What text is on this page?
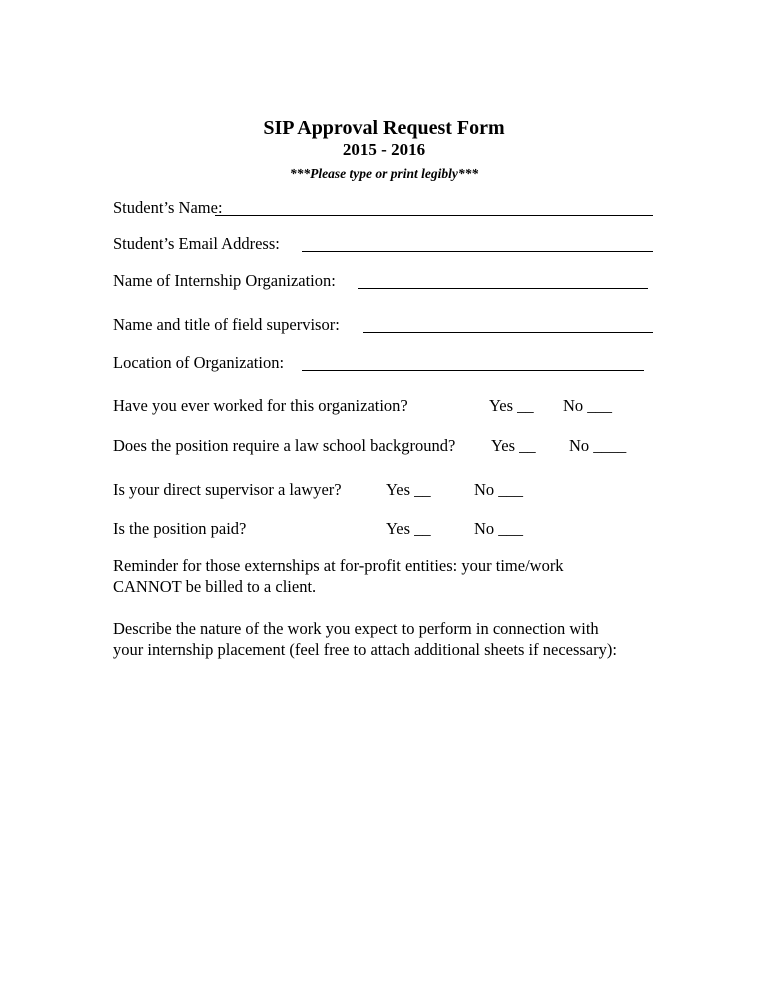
SIP Approval Request Form
2015 - 2016
***Please type or print legibly***
Student’s Name:
Student’s Email Address:
Name of Internship Organization:
Name and title of field supervisor:
Location of Organization:
Have you ever worked for this organization?	Yes __ No ___
Does the position require a law school background? Yes __ No ____
Is your direct supervisor a lawyer?	Yes __	No ___
Is the position paid?	Yes __	No ___
Reminder for those externships at for-profit entities: your time/work
CANNOT be billed to a client.
Describe the nature of the work you expect to perform in connection with
your internship placement (feel free to attach additional sheets if necessary):
